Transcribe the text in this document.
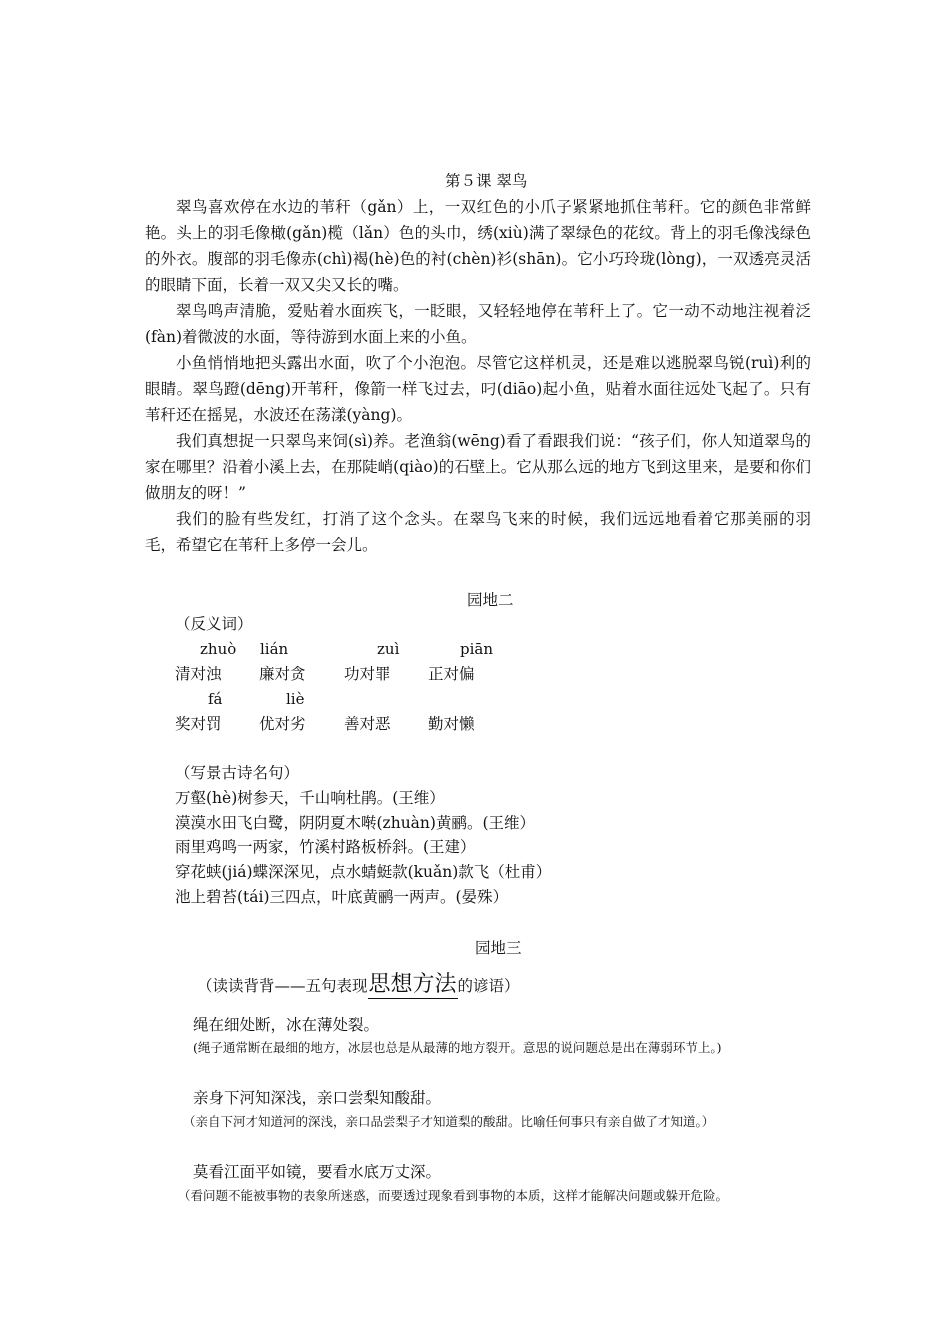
第５课 翠鸟

翠鸟喜欢停在水边的苇秆（gǎn）上，一双红色的小爪子紧紧地抓住苇秆。它的颜色非常鲜艳。头上的羽毛像橄(gǎn)榄（lǎn）色的头巾，绣(xiù)满了翠绿色的花纹。背上的羽毛像浅绿色的外衣。腹部的羽毛像赤(chì)褐(hè)色的衬(chèn)衫(shān)。它小巧玲珑(lòng)，一双透亮灵活的眼睛下面，长着一双又尖又长的嘴。

翠鸟鸣声清脆，爱贴着水面疾飞，一眨眼，又轻轻地停在苇秆上了。它一动不动地注视着泛(fàn)着微波的水面，等待游到水面上来的小鱼。

小鱼悄悄地把头露出水面，吹了个小泡泡。尽管它这样机灵，还是难以逃脱翠鸟锐(ruì)利的眼睛。翠鸟蹬(dēng)开苇秆，像箭一样飞过去，叼(diāo)起小鱼，贴着水面往远处飞起了。只有苇秆还在摇晃，水波还在荡漾(yàng)。

我们真想捉一只翠鸟来饲(sì)养。老渔翁(wēng)看了看跟我们说：“孩子们，你人知道翠鸟的家在哪里？沿着小溪上去，在那陡峭(qiào)的石壁上。它从那么远的地方飞到这里来，是要和你们做朋友的呀！”

我们的脸有些发红，打消了这个念头。在翠鸟飞来的时候，我们远远地看着它那美丽的羽毛，希望它在苇秆上多停一会儿。

园地二
（反义词）
zhuò lián	zuì	piān
清对浊 廉对贪 功对罪 正对偏
fá	liè
奖对罚 优对劣 善对恶 勤对懒
（写景古诗名句）
万壑(hè)树参天，千山响杜鹃。(王维）
漠漠水田飞白鹭，阴阴夏木啭(zhuàn)黄鹂。(王维）
雨里鸡鸣一两家，竹溪村路板桥斜。(王建）
穿花蛱(jiá)蝶深深见，点水蜻蜓款(kuǎn)款飞（杜甫）
池上碧苔(tái)三四点，叶底黄鹂一两声。(晏殊）
园地三
（读读背背——五句表现思想方法的谚语）
绳在细处断，冰在薄处裂。
(绳子通常断在最细的地方，冰层也总是从最薄的地方裂开。意思的说问题总是出在薄弱环节上。)
亲身下河知深浅，亲口尝梨知酸甜。
（亲自下河才知道河的深浅，亲口品尝梨子才知道梨的酸甜。比喻任何事只有亲自做了才知道。）
莫看江面平如镜，要看水底万丈深。
（看问题不能被事物的表象所迷惑，而要透过现象看到事物的本质，这样才能解决问题或躲开危险。
